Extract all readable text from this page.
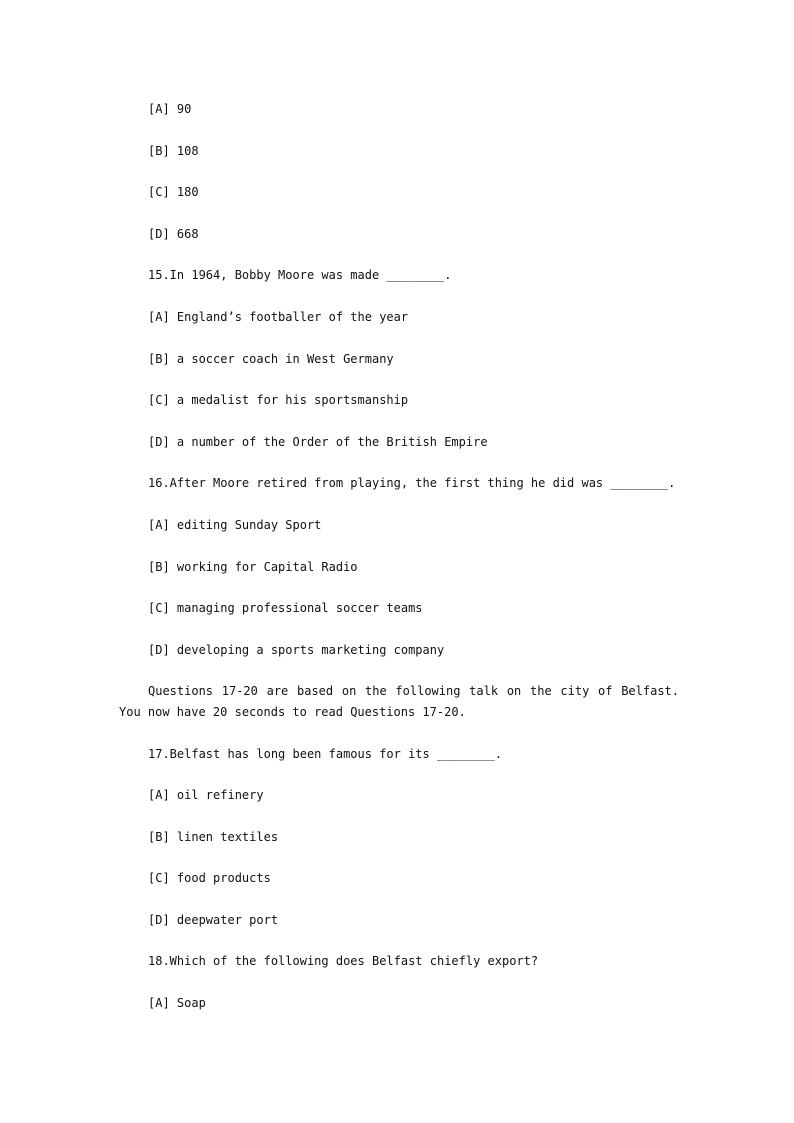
[A] 90
[B] 108
[C] 180
[D] 668
15.In 1964, Bobby Moore was made ________.
[A] England’s footballer of the year
[B] a soccer coach in West Germany
[C] a medalist for his sportsmanship
[D] a number of the Order of the British Empire
16.After Moore retired from playing, the first thing he did was ________.
[A] editing Sunday Sport
[B] working for Capital Radio
[C] managing professional soccer teams
[D] developing a sports marketing company
Questions 17-20 are based on the following talk on the city of Belfast. You now have 20 seconds to read Questions 17-20.
17.Belfast has long been famous for its ________.
[A] oil refinery
[B] linen textiles
[C] food products
[D] deepwater port
18.Which of the following does Belfast chiefly export?
[A] Soap
